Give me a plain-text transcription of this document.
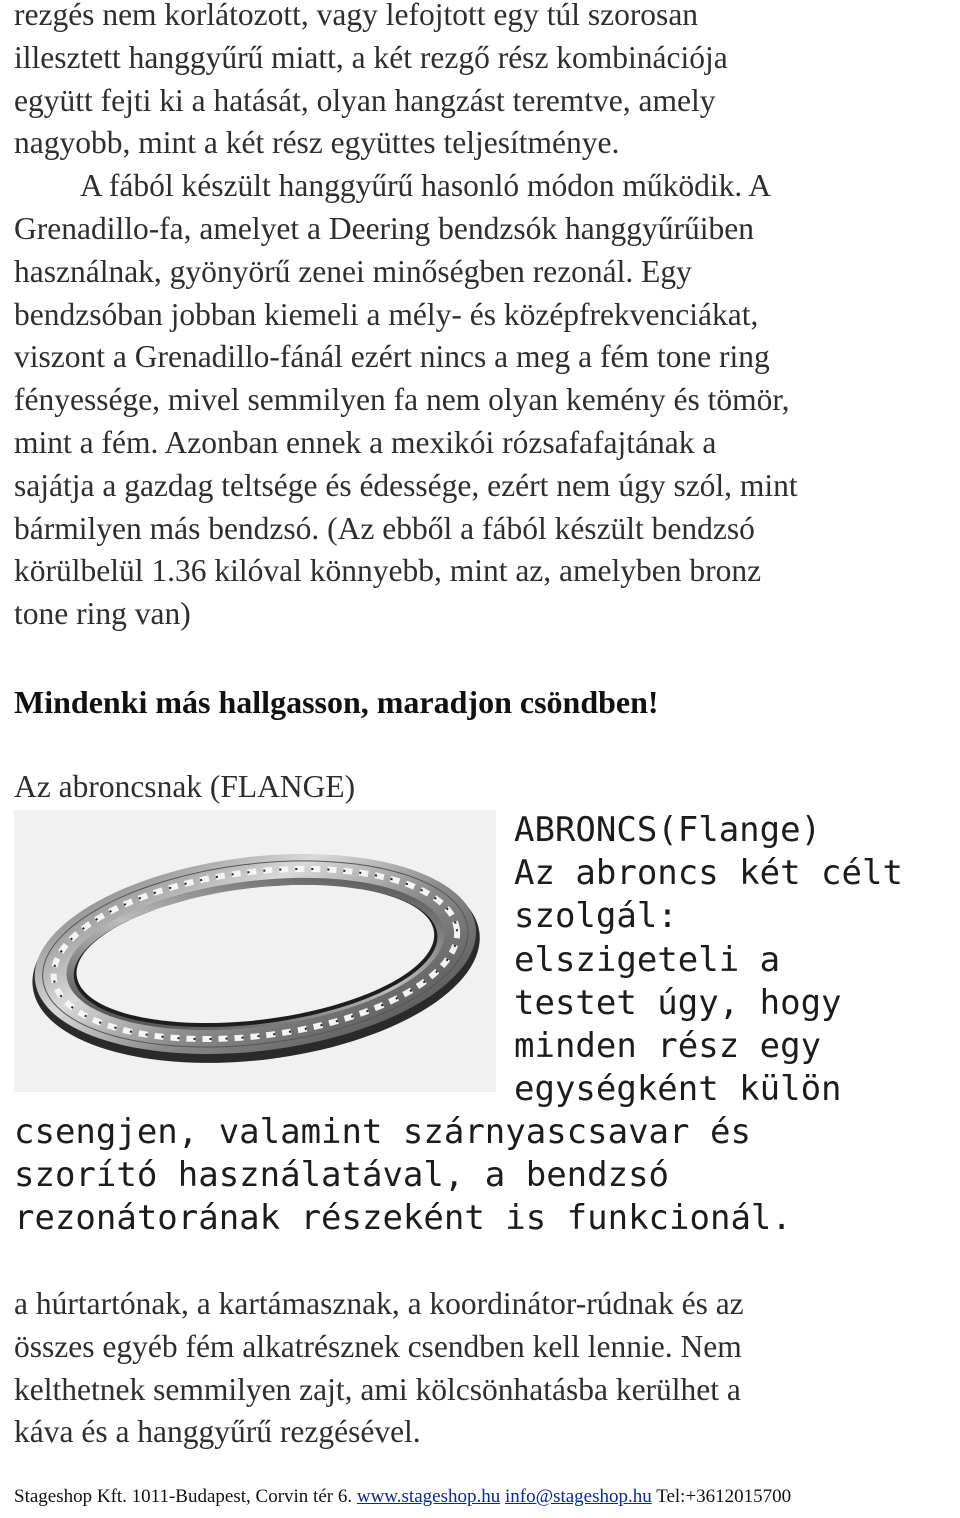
rezgés nem korlátozott, vagy lefojtott egy túl szorosan
illesztett hanggyűrű miatt, a két rezgő rész kombinációja
együtt fejti ki a hatását, olyan hangzást teremtve, amely
nagyobb, mint a két rész együttes teljesítménye.
A fából készült hanggyűrű hasonló módon működik. A
Grenadillo-fa, amelyet a Deering bendzsók hanggyűrűiben
használnak, gyönyörű zenei minőségben rezonál. Egy
bendzsóban jobban kiemeli a mély- és középfrekvenciákat,
viszont a Grenadillo-fánál ezért nincs a meg a fém tone ring
fényessége, mivel semmilyen fa nem olyan kemény és tömör,
mint a fém. Azonban ennek a mexikói rózsafafajtának a
sajátja a gazdag teltsége és édessége, ezért nem úgy szól, mint
bármilyen más bendzsó. (Az ebből a fából készült bendzsó
körülbelül 1.36 kilóval könnyebb, mint az, amelyben bronz
tone ring van)

Mindenki más hallgasson, maradjon csöndben!

Az abroncsnak (FLANGE)

ABRONCS(Flange)
Az abroncs két célt
szolgál:
elszigeteli a
testet úgy, hogy
minden rész egy
egységként külön

csengjen, valamint szárnyascsavar és
szorító használatával, a bendzsó
rezonátorának részeként is funkcionál.

a húrtartónak, a kartámasznak, a koordinátor-rúdnak és az
összes egyéb fém alkatrésznek csendben kell lennie. Nem
kelthetnek semmilyen zajt, ami kölcsönhatásba kerülhet a
káva és a hanggyűrű rezgésével.

Stageshop Kft. 1011-Budapest, Corvin tér 6. www.stageshop.hu info@stageshop.hu Tel:+3612015700
